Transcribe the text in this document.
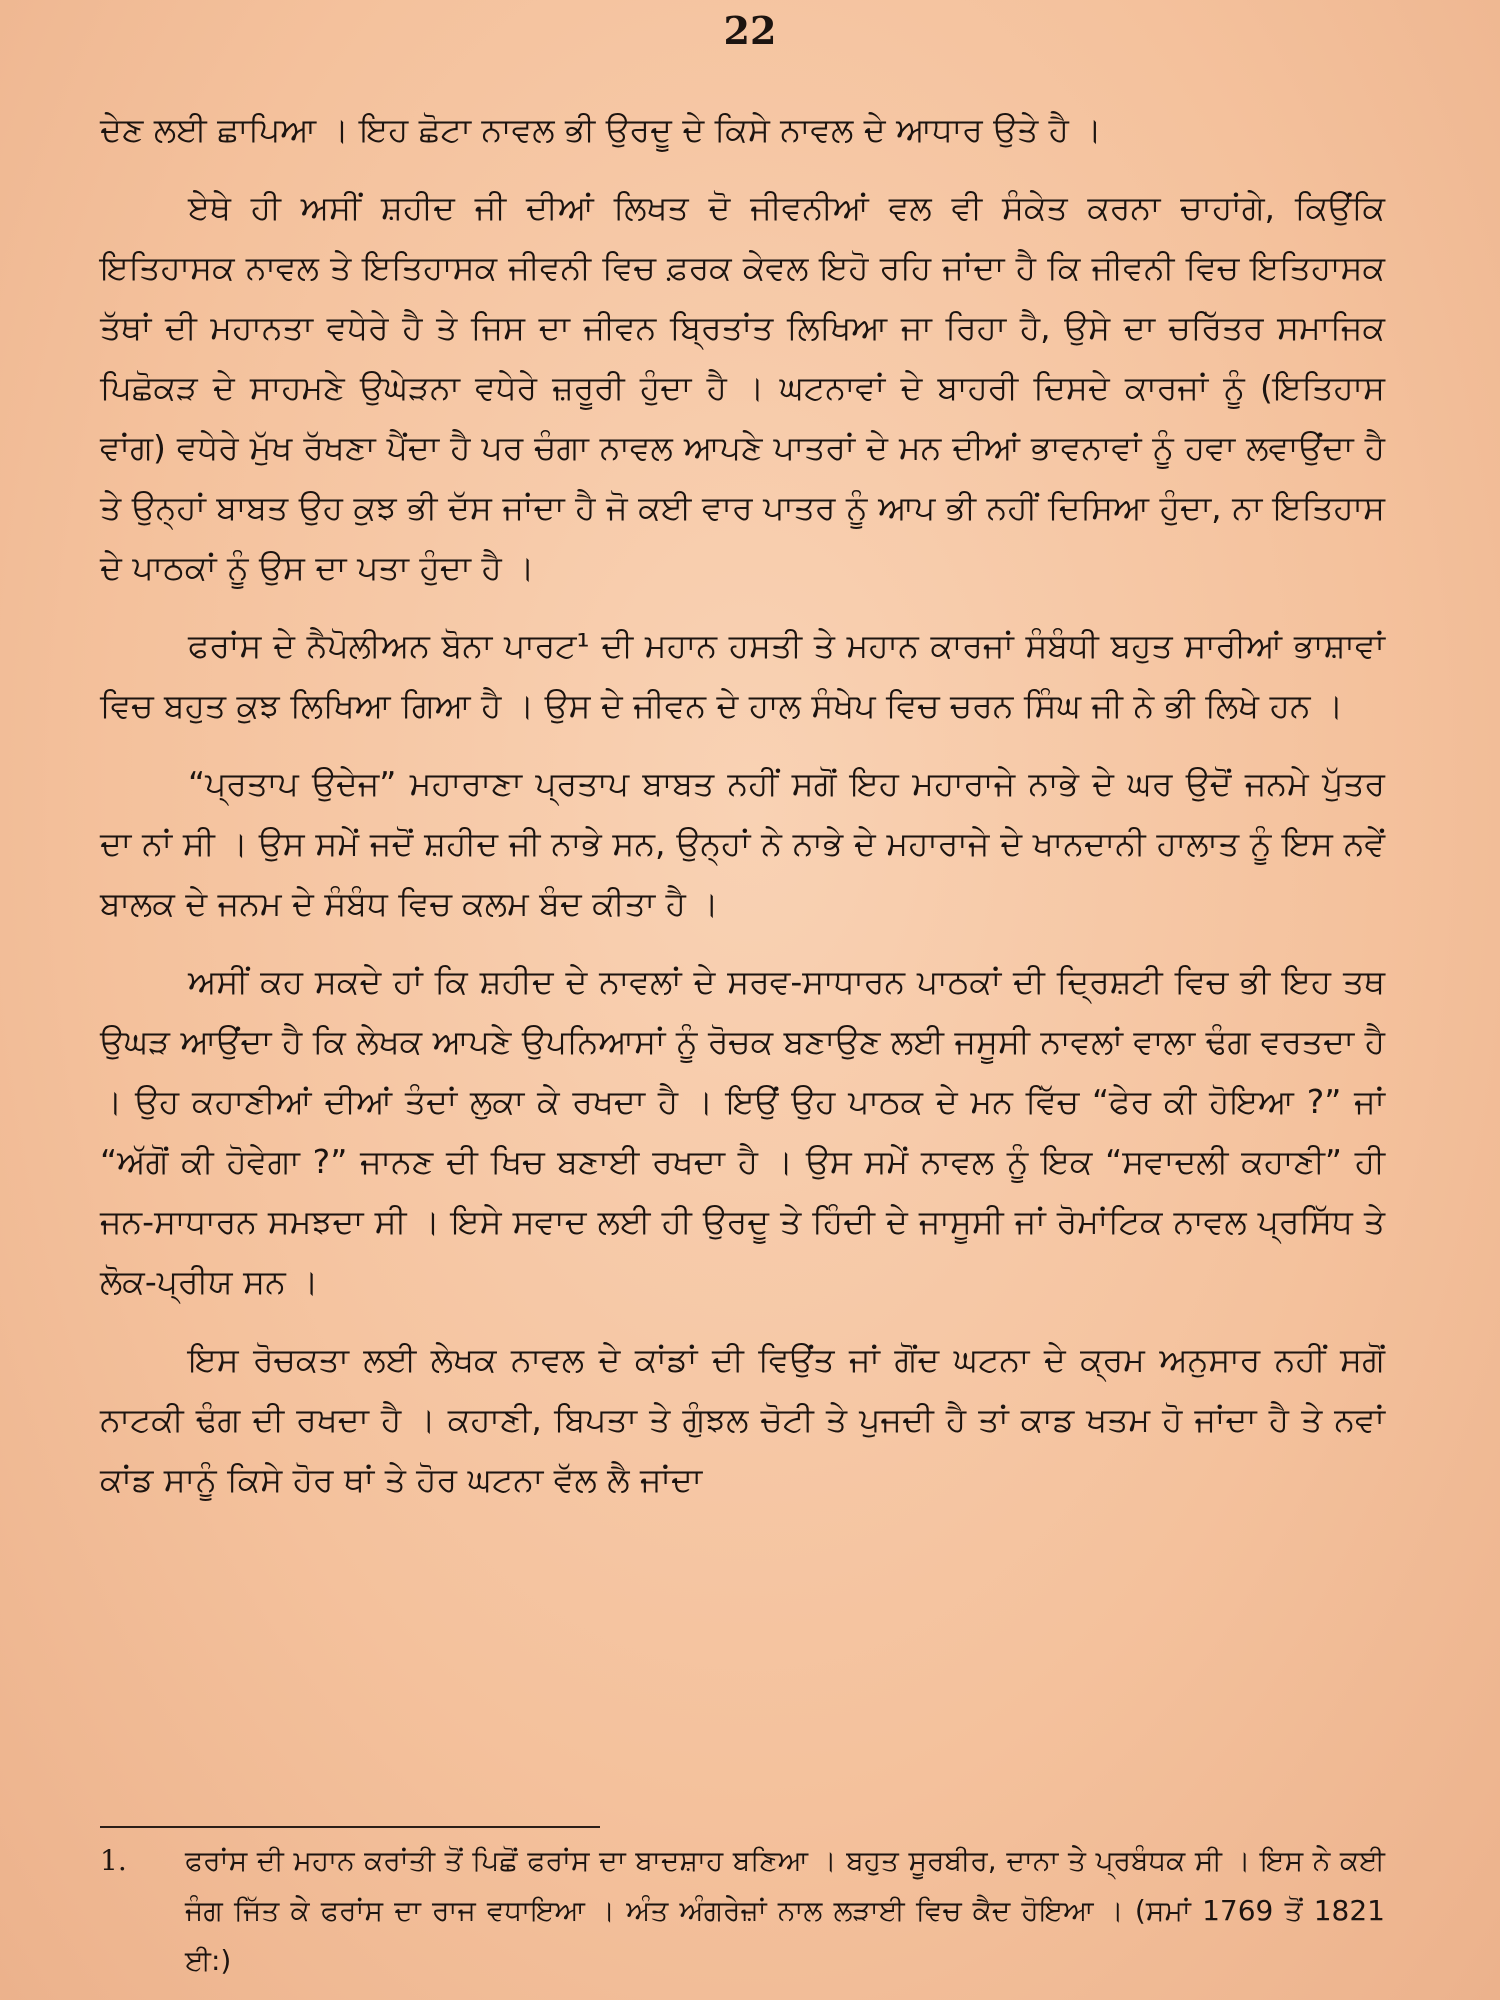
22

ਦੇਣ ਲਈ ਛਾਪਿਆ । ਇਹ ਛੋਟਾ ਨਾਵਲ ਭੀ ਉਰਦੂ ਦੇ ਕਿਸੇ ਨਾਵਲ ਦੇ ਆਧਾਰ ਉਤੇ ਹੈ ।

ਏਥੇ ਹੀ ਅਸੀਂ ਸ਼ਹੀਦ ਜੀ ਦੀਆਂ ਲਿਖਤ ਦੋ ਜੀਵਨੀਆਂ ਵਲ ਵੀ ਸੰਕੇਤ ਕਰਨਾ ਚਾਹਾਂਗੇ, ਕਿਉਂਕਿ ਇਤਿਹਾਸਕ ਨਾਵਲ ਤੇ ਇਤਿਹਾਸਕ ਜੀਵਨੀ ਵਿਚ ਫ਼ਰਕ ਕੇਵਲ ਇਹੋ ਰਹਿ ਜਾਂਦਾ ਹੈ ਕਿ ਜੀਵਨੀ ਵਿਚ ਇਤਿਹਾਸਕ ਤੱਥਾਂ ਦੀ ਮਹਾਨਤਾ ਵਧੇਰੇ ਹੈ ਤੇ ਜਿਸ ਦਾ ਜੀਵਨ ਬ੍ਰਿਤਾਂਤ ਲਿਖਿਆ ਜਾ ਰਿਹਾ ਹੈ, ਉਸੇ ਦਾ ਚਰਿੱਤਰ ਸਮਾਜਿਕ ਪਿਛੋਕੜ ਦੇ ਸਾਹਮਣੇ ਉਘੇੜਨਾ ਵਧੇਰੇ ਜ਼ਰੂਰੀ ਹੁੰਦਾ ਹੈ । ਘਟਨਾਵਾਂ ਦੇ ਬਾਹਰੀ ਦਿਸਦੇ ਕਾਰਜਾਂ ਨੂੰ (ਇਤਿਹਾਸ ਵਾਂਗ) ਵਧੇਰੇ ਮੁੱਖ ਰੱਖਣਾ ਪੈਂਦਾ ਹੈ ਪਰ ਚੰਗਾ ਨਾਵਲ ਆਪਣੇ ਪਾਤਰਾਂ ਦੇ ਮਨ ਦੀਆਂ ਭਾਵਨਾਵਾਂ ਨੂੰ ਹਵਾ ਲਵਾਉਂਦਾ ਹੈ ਤੇ ਉਨ੍ਹਾਂ ਬਾਬਤ ਉਹ ਕੁਝ ਭੀ ਦੱਸ ਜਾਂਦਾ ਹੈ ਜੋ ਕਈ ਵਾਰ ਪਾਤਰ ਨੂੰ ਆਪ ਭੀ ਨਹੀਂ ਦਿਸਿਆ ਹੁੰਦਾ, ਨਾ ਇਤਿਹਾਸ ਦੇ ਪਾਠਕਾਂ ਨੂੰ ਉਸ ਦਾ ਪਤਾ ਹੁੰਦਾ ਹੈ ।

ਫਰਾਂਸ ਦੇ ਨੈਪੋਲੀਅਨ ਬੋਨਾ ਪਾਰਟ¹ ਦੀ ਮਹਾਨ ਹਸਤੀ ਤੇ ਮਹਾਨ ਕਾਰਜਾਂ ਸੰਬੰਧੀ ਬਹੁਤ ਸਾਰੀਆਂ ਭਾਸ਼ਾਵਾਂ ਵਿਚ ਬਹੁਤ ਕੁਝ ਲਿਖਿਆ ਗਿਆ ਹੈ । ਉਸ ਦੇ ਜੀਵਨ ਦੇ ਹਾਲ ਸੰਖੇਪ ਵਿਚ ਚਰਨ ਸਿੰਘ ਜੀ ਨੇ ਭੀ ਲਿਖੇ ਹਨ ।

“ਪ੍ਰਤਾਪ ਉਦੇਜ” ਮਹਾਰਾਣਾ ਪ੍ਰਤਾਪ ਬਾਬਤ ਨਹੀਂ ਸਗੋਂ ਇਹ ਮਹਾਰਾਜੇ ਨਾਭੇ ਦੇ ਘਰ ਉਦੋਂ ਜਨਮੇ ਪੁੱਤਰ ਦਾ ਨਾਂ ਸੀ । ਉਸ ਸਮੇਂ ਜਦੋਂ ਸ਼ਹੀਦ ਜੀ ਨਾਭੇ ਸਨ, ਉਨ੍ਹਾਂ ਨੇ ਨਾਭੇ ਦੇ ਮਹਾਰਾਜੇ ਦੇ ਖਾਨਦਾਨੀ ਹਾਲਾਤ ਨੂੰ ਇਸ ਨਵੇਂ ਬਾਲਕ ਦੇ ਜਨਮ ਦੇ ਸੰਬੰਧ ਵਿਚ ਕਲਮ ਬੰਦ ਕੀਤਾ ਹੈ ।

ਅਸੀਂ ਕਹ ਸਕਦੇ ਹਾਂ ਕਿ ਸ਼ਹੀਦ ਦੇ ਨਾਵਲਾਂ ਦੇ ਸਰਵ-ਸਾਧਾਰਨ ਪਾਠਕਾਂ ਦੀ ਦ੍ਰਿਸ਼ਟੀ ਵਿਚ ਭੀ ਇਹ ਤਥ ਉਘੜ ਆਉਂਦਾ ਹੈ ਕਿ ਲੇਖਕ ਆਪਣੇ ਉਪਨਿਆਸਾਂ ਨੂੰ ਰੋਚਕ ਬਣਾਉਣ ਲਈ ਜਸੂਸੀ ਨਾਵਲਾਂ ਵਾਲਾ ਢੰਗ ਵਰਤਦਾ ਹੈ । ਉਹ ਕਹਾਣੀਆਂ ਦੀਆਂ ਤੰਦਾਂ ਲੁਕਾ ਕੇ ਰਖਦਾ ਹੈ । ਇਉਂ ਉਹ ਪਾਠਕ ਦੇ ਮਨ ਵਿੱਚ “ਫੇਰ ਕੀ ਹੋਇਆ ?” ਜਾਂ “ਅੱਗੋਂ ਕੀ ਹੋਵੇਗਾ ?” ਜਾਨਣ ਦੀ ਖਿਚ ਬਣਾਈ ਰਖਦਾ ਹੈ । ਉਸ ਸਮੇਂ ਨਾਵਲ ਨੂੰ ਇਕ “ਸਵਾਦਲੀ ਕਹਾਣੀ” ਹੀ ਜਨ-ਸਾਧਾਰਨ ਸਮਝਦਾ ਸੀ । ਇਸੇ ਸਵਾਦ ਲਈ ਹੀ ਉਰਦੂ ਤੇ ਹਿੰਦੀ ਦੇ ਜਾਸੂਸੀ ਜਾਂ ਰੋਮਾਂਟਿਕ ਨਾਵਲ ਪ੍ਰਸਿੱਧ ਤੇ ਲੋਕ-ਪ੍ਰੀਯ ਸਨ ।

ਇਸ ਰੋਚਕਤਾ ਲਈ ਲੇਖਕ ਨਾਵਲ ਦੇ ਕਾਂਡਾਂ ਦੀ ਵਿਉਂਤ ਜਾਂ ਗੋਂਦ ਘਟਨਾ ਦੇ ਕ੍ਰਮ ਅਨੁਸਾਰ ਨਹੀਂ ਸਗੋਂ ਨਾਟਕੀ ਢੰਗ ਦੀ ਰਖਦਾ ਹੈ । ਕਹਾਣੀ, ਬਿਪਤਾ ਤੇ ਗੁੰਝਲ ਚੋਟੀ ਤੇ ਪੁਜਦੀ ਹੈ ਤਾਂ ਕਾਡ ਖਤਮ ਹੋ ਜਾਂਦਾ ਹੈ ਤੇ ਨਵਾਂ ਕਾਂਡ ਸਾਨੂੰ ਕਿਸੇ ਹੋਰ ਥਾਂ ਤੇ ਹੋਰ ਘਟਨਾ ਵੱਲ ਲੈ ਜਾਂਦਾ

1. ਫਰਾਂਸ ਦੀ ਮਹਾਨ ਕਰਾਂਤੀ ਤੋਂ ਪਿਛੋਂ ਫਰਾਂਸ ਦਾ ਬਾਦਸ਼ਾਹ ਬਣਿਆ । ਬਹੁਤ ਸੂਰਬੀਰ, ਦਾਨਾ ਤੇ ਪ੍ਰਬੰਧਕ ਸੀ । ਇਸ ਨੇ ਕਈ ਜੰਗ ਜਿੱਤ ਕੇ ਫਰਾਂਸ ਦਾ ਰਾਜ ਵਧਾਇਆ । ਅੰਤ ਅੰਗਰੇਜ਼ਾਂ ਨਾਲ ਲੜਾਈ ਵਿਚ ਕੈਦ ਹੋਇਆ । (ਸਮਾਂ 1769 ਤੋਂ 1821 ਈ:)
